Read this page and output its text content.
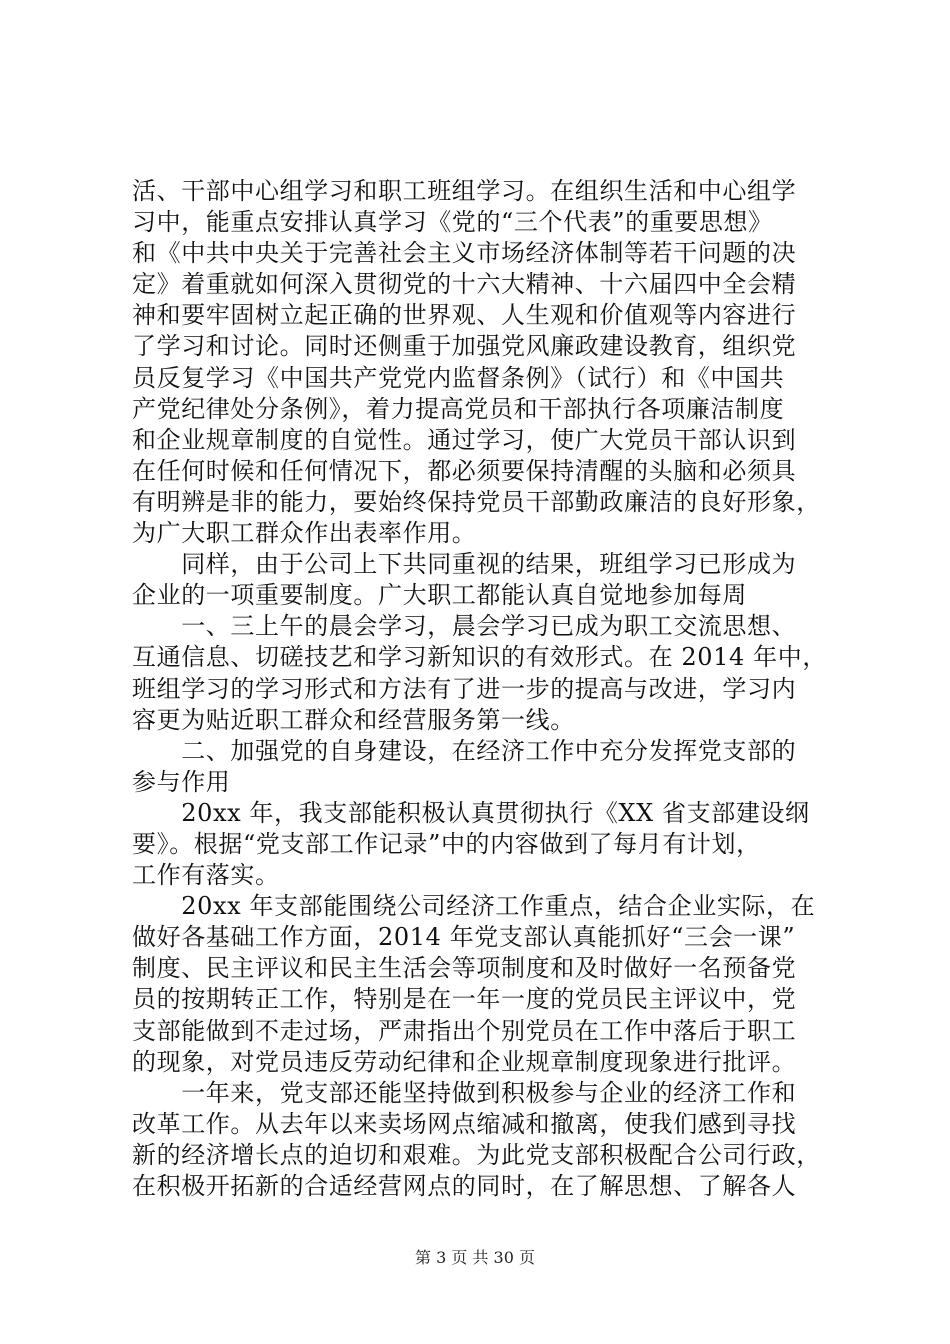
活、干部中心组学习和职工班组学习。在组织生活和中心组学
习中，能重点安排认真学习《党的“三个代表”的重要思想》
和《中共中央关于完善社会主义市场经济体制等若干问题的决
定》着重就如何深入贯彻党的十六大精神、十六届四中全会精
神和要牢固树立起正确的世界观、人生观和价值观等内容进行
了学习和讨论。同时还侧重于加强党风廉政建设教育，组织党
员反复学习《中国共产党党内监督条例》（试行）和《中国共
产党纪律处分条例》，着力提高党员和干部执行各项廉洁制度
和企业规章制度的自觉性。通过学习，使广大党员干部认识到
在任何时候和任何情况下，都必须要保持清醒的头脑和必须具
有明辨是非的能力，要始终保持党员干部勤政廉洁的良好形象，
为广大职工群众作出表率作用。
　　同样，由于公司上下共同重视的结果，班组学习已形成为
企业的一项重要制度。广大职工都能认真自觉地参加每周
　　一、三上午的晨会学习，晨会学习已成为职工交流思想、
互通信息、切磋技艺和学习新知识的有效形式。在 2014 年中，
班组学习的学习形式和方法有了进一步的提高与改进，学习内
容更为贴近职工群众和经营服务第一线。
　　二、加强党的自身建设，在经济工作中充分发挥党支部的
参与作用
　　20xx 年，我支部能积极认真贯彻执行《XX 省支部建设纲
要》。根据“党支部工作记录”中的内容做到了每月有计划，
工作有落实。
　　20xx 年支部能围绕公司经济工作重点，结合企业实际，在
做好各基础工作方面，2014 年党支部认真能抓好“三会一课”
制度、民主评议和民主生活会等项制度和及时做好一名预备党
员的按期转正工作，特别是在一年一度的党员民主评议中，党
支部能做到不走过场，严肃指出个别党员在工作中落后于职工
的现象，对党员违反劳动纪律和企业规章制度现象进行批评。
　　一年来，党支部还能坚持做到积极参与企业的经济工作和
改革工作。从去年以来卖场网点缩减和撤离，使我们感到寻找
新的经济增长点的迫切和艰难。为此党支部积极配合公司行政，
在积极开拓新的合适经营网点的同时，在了解思想、了解各人
第 3 页 共 30 页
